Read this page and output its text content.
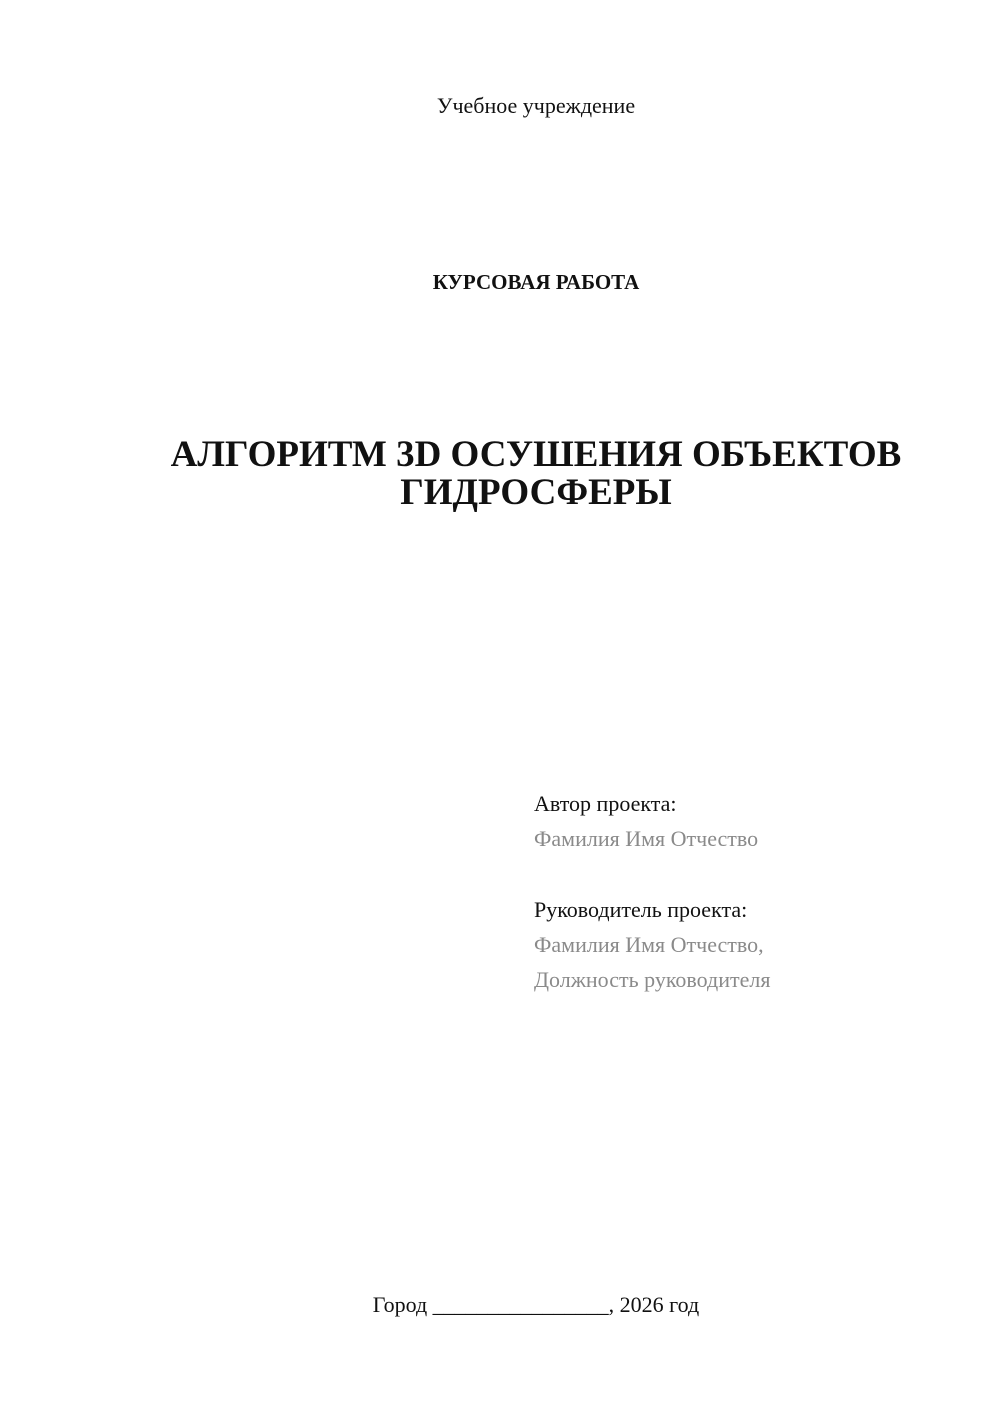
Учебное учреждение
КУРСОВАЯ РАБОТА
АЛГОРИТМ 3D ОСУШЕНИЯ ОБЪЕКТОВ
ГИДРОСФЕРЫ
Автор проекта:
Фамилия Имя Отчество
Руководитель проекта:
Фамилия Имя Отчество,
Должность руководителя
Город ________________, 2026 год
